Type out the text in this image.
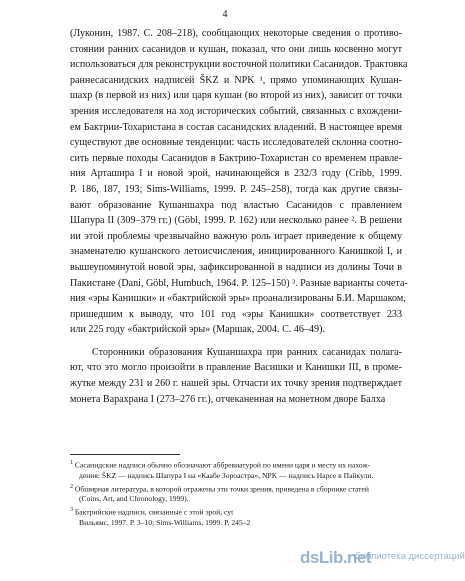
4
(Луконин, 1987. С. 208–218), сообщающих некоторые сведения о противо-
стоянии ранних сасанидов и кушан, показал, что они лишь косвенно могут
использоваться для реконструкции восточной политики Сасанидов. Трактовка
раннесасанидских надписей ŠKZ и NPK ¹, прямо упоминающих Кушан-
шахр (в первой из них) или царя кушан (во второй из них), зависит от точки
зрения исследователя на ход исторических событий, связанных с вхождени-
ем Бактрии-Тохаристана в состав сасанидских владений. В настоящее время
существуют две основные тенденции: часть исследователей склонна соотно-
сить первые походы Сасанидов в Бактрию-Тохаристан со временем правле-
ния Арташира I и новой эрой, начинающейся в 232/3 году (Cribb, 1999.
P. 186, 187, 193; Sims-Williams, 1999. P. 245–258), тогда как другие связы-
вают образование Кушаншахра под властью Сасанидов с правлением
Шапура II (309–379 гг.) (Göbl, 1999. P. 162) или несколько ранее ². В решени
ии этой проблемы чрезвычайно важную роль играет приведение к общему
знаменателю кушанского летоисчисления, инициированного Канишкой I, и
вышеупомянутой новой эры, зафиксированной в надписи из долины Точи в
Пакистане (Dani, Göbl, Humbuch, 1964. P. 125–150) ³. Разные варианты сочета-
ния «эры Канишки» и «бактрийской эры» проанализированы Б.И. Маршаком,
пришедшим к выводу, что 101 год «эры Канишки» соответствует 233
или 225 году «бактрийской эры» (Маршак, 2004. С. 46–49).
Сторонники образования Кушаншахра при ранних сасанидах полага-
ют, что это могло произойти в правление Васишки и Канишки III, в проме-
жутке между 231 и 260 г. нашей эры. Отчасти их точку зрения подтверждает
монета Варахрана I (273–276 гг.), отчеканенная на монетном дворе Балха
$^1$ Сасанидские надписи обычно обозначают аббревиатурой по имени царя и месту их нахож-
дения: ŠKZ — надпись Шапура I на «Каабе Зороастра», NPK — надпись Нарсе в Пайкули.
$^2$ Обширная литература, в которой отражены эти точки зрения, приведена в сборнике статей
(Coins, Art, and Chronology, 1999).
$^3$ Бактрийские надписи, связанные с этой эрой, суt
Вильямс, 1997. Р. 3–10; Sims-Williams, 1999. P. 245–2
dsLib.net
библиотека диссертаций
